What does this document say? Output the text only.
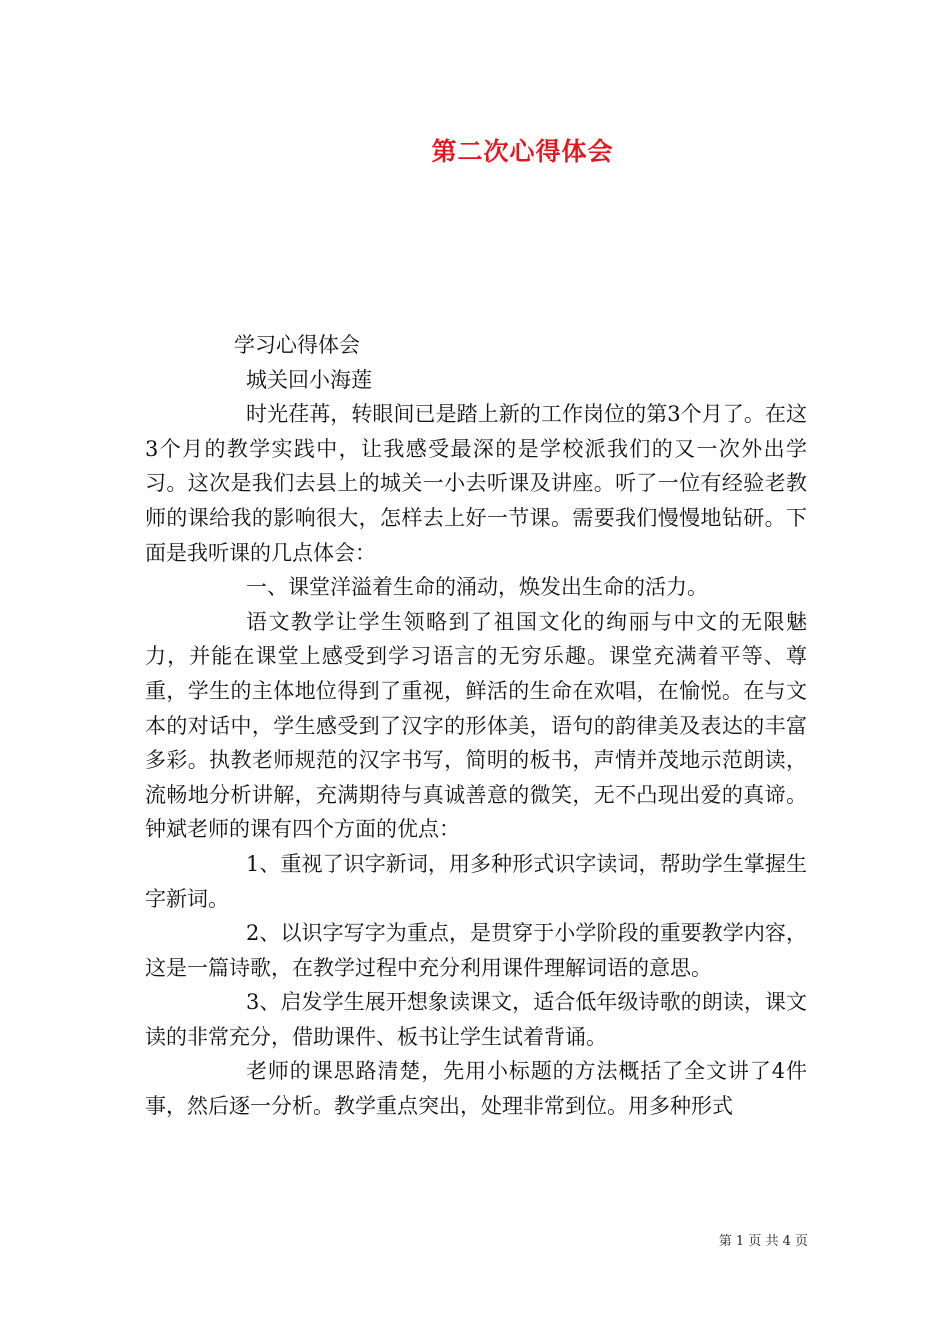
第二次心得体会

学习心得体会

城关回小海莲

时光荏苒，转眼间已是踏上新的工作岗位的第3个月了。在这3个月的教学实践中，让我感受最深的是学校派我们的又一次外出学习。这次是我们去县上的城关一小去听课及讲座。听了一位有经验老教师的课给我的影响很大，怎样去上好一节课。需要我们慢慢地钻研。下面是我听课的几点体会：

一、课堂洋溢着生命的涌动，焕发出生命的活力。

语文教学让学生领略到了祖国文化的绚丽与中文的无限魅力，并能在课堂上感受到学习语言的无穷乐趣。课堂充满着平等、尊重，学生的主体地位得到了重视，鲜活的生命在欢唱，在愉悦。在与文本的对话中，学生感受到了汉字的形体美，语句的韵律美及表达的丰富多彩。执教老师规范的汉字书写，简明的板书，声情并茂地示范朗读，流畅地分析讲解，充满期待与真诚善意的微笑，无不凸现出爱的真谛。钟斌老师的课有四个方面的优点：

1、重视了识字新词，用多种形式识字读词，帮助学生掌握生字新词。

2、以识字写字为重点，是贯穿于小学阶段的重要教学内容，这是一篇诗歌，在教学过程中充分利用课件理解词语的意思。

3、启发学生展开想象读课文，适合低年级诗歌的朗读，课文读的非常充分，借助课件、板书让学生试着背诵。

老师的课思路清楚，先用小标题的方法概括了全文讲了4件事，然后逐一分析。教学重点突出，处理非常到位。用多种形式

第 1 页 共 4 页
